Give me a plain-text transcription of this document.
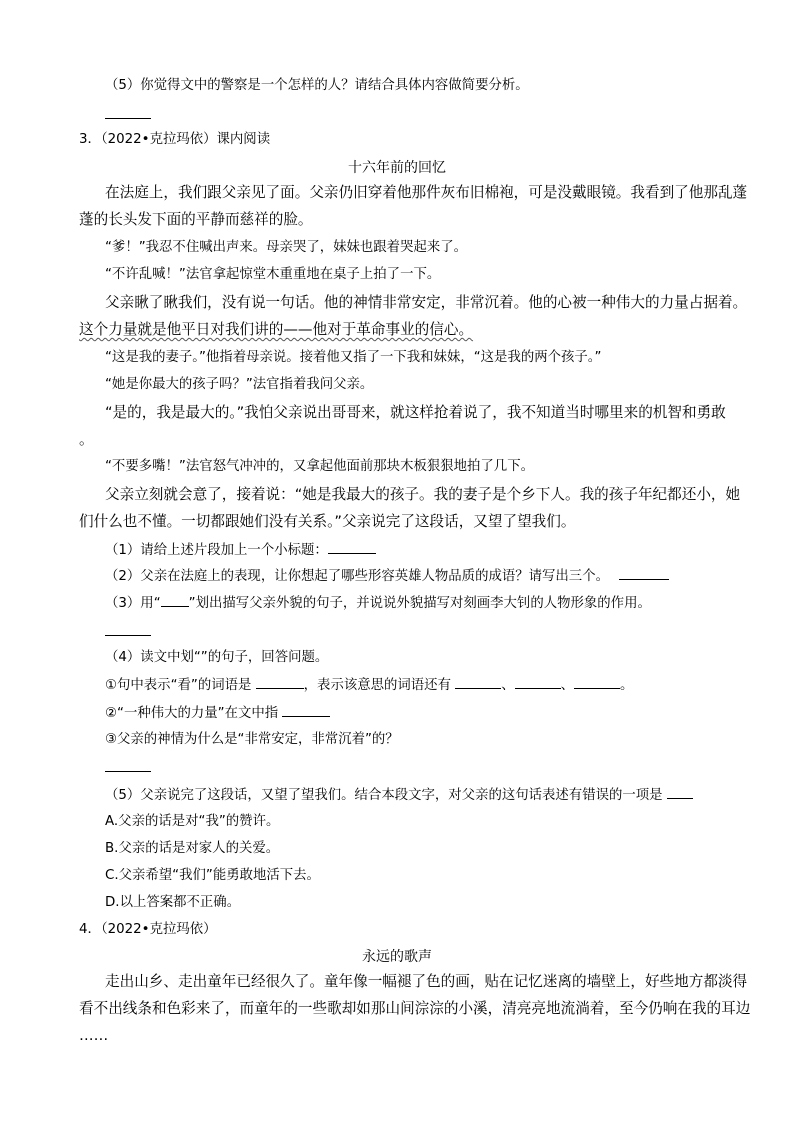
（5）你觉得文中的警察是一个怎样的人？请结合具体内容做简要分析。
3．（2022•克拉玛依）课内阅读
十六年前的回忆
在法庭上，我们跟父亲见了面。父亲仍旧穿着他那件灰布旧棉袍，可是没戴眼镜。我看到了他那乱蓬
蓬的长头发下面的平静而慈祥的脸。
“爹！”我忍不住喊出声来。母亲哭了，妹妹也跟着哭起来了。
“不许乱喊！”法官拿起惊堂木重重地在桌子上拍了一下。
父亲瞅了瞅我们，没有说一句话。他的神情非常安定，非常沉着。他的心被一种伟大的力量占据着。
这个力量就是他平日对我们讲的——他对于革命事业的信心。
“这是我的妻子。”他指着母亲说。接着他又指了一下我和妹妹，“这是我的两个孩子。”
“她是你最大的孩子吗？”法官指着我问父亲。
“是的，我是最大的。”我怕父亲说出哥哥来，就这样抢着说了，我不知道当时哪里来的机智和勇敢
。
“不要多嘴！”法官怒气冲冲的，又拿起他面前那块木板狠狠地拍了几下。
父亲立刻就会意了，接着说：“她是我最大的孩子。我的妻子是个乡下人。我的孩子年纪都还小，她
们什么也不懂。一切都跟她们没有关系。”父亲说完了这段话，又望了望我们。
（1）请给上述片段加上一个小标题：
（2）父亲在法庭上的表现，让你想起了哪些形容英雄人物品质的成语？请写出三个。
（3）用“ ”划出描写父亲外貌的句子，并说说外貌描写对刻画李大钊的人物形象的作用。
（4）读文中划“”的句子，回答问题。
①句中表示“看”的词语是	，表示该意思的词语还有	、	、	。
②“一种伟大的力量”在文中指
③父亲的神情为什么是“非常安定，非常沉着”的？
（5）父亲说完了这段话，又望了望我们。结合本段文字，对父亲的这句话表述有错误的一项是
A.父亲的话是对“我”的赞许。
B.父亲的话是对家人的关爱。
C.父亲希望“我们”能勇敢地活下去。
D.以上答案都不正确。
4．（2022•克拉玛依）
永远的歌声
走出山乡、走出童年已经很久了。童年像一幅褪了色的画，贴在记忆迷离的墙壁上，好些地方都淡得
看不出线条和色彩来了，而童年的一些歌却如那山间淙淙的小溪，清亮亮地流淌着，至今仍响在我的耳边
……
